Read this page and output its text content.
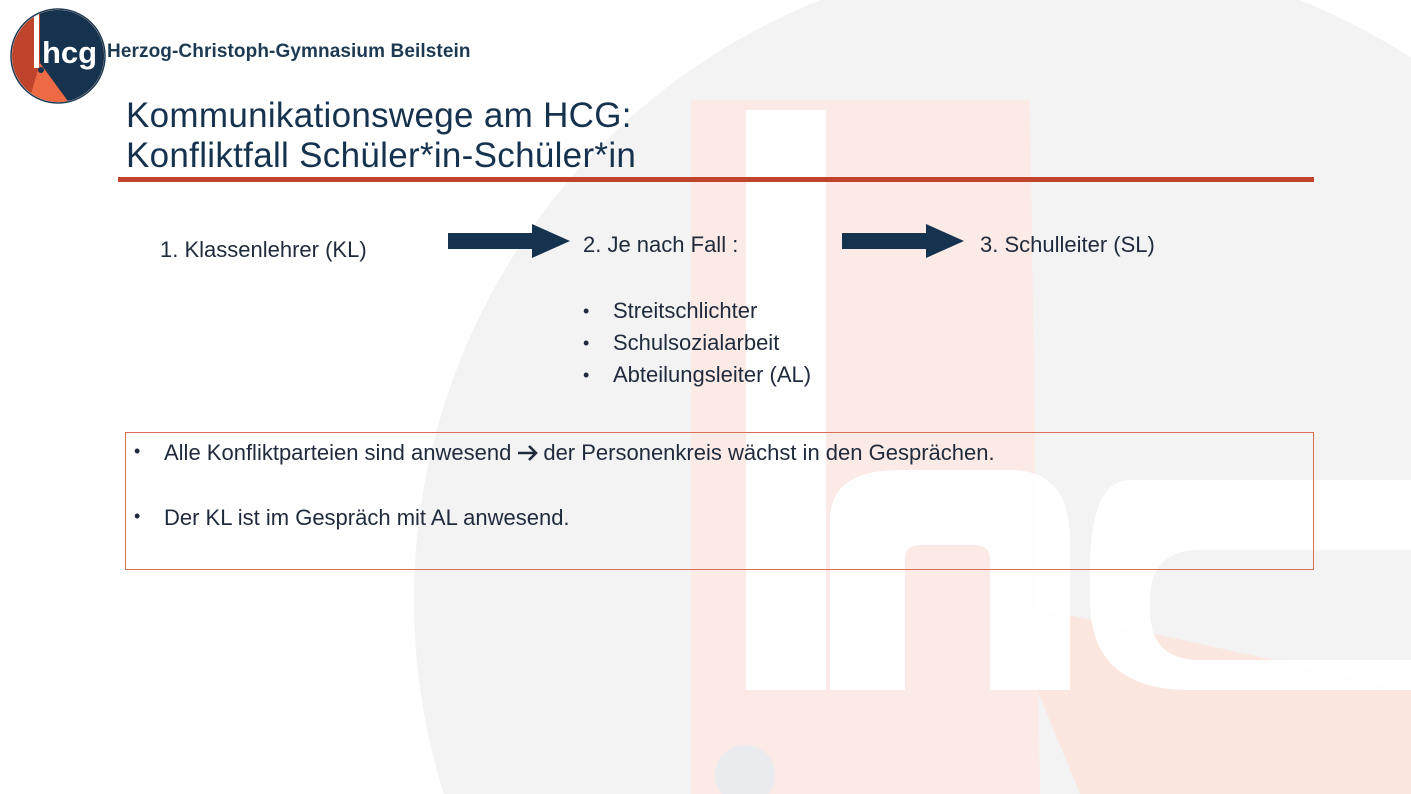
hcg Herzog-Christoph-Gymnasium Beilstein
Kommunikationswege am HCG:
Konfliktfall Schüler*in-Schüler*in
1. Klassenlehrer (KL)	2. Je nach Fall :	3. Schulleiter (SL)
• Streitschlichter
• Schulsozialarbeit
• Abteilungsleiter (AL)
• Alle Konfliktparteien sind anwesend der Personenkreis wächst in den Gesprächen.
• Der KL ist im Gespräch mit AL anwesend.
